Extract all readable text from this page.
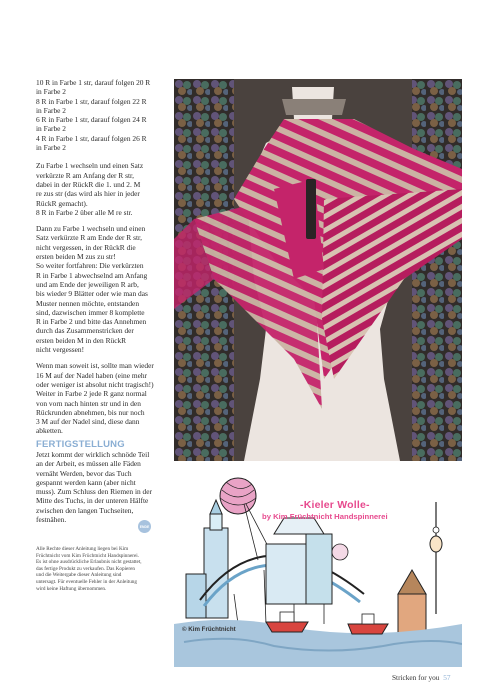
10 R in Farbe 1 str, darauf folgen 20 R
in Farbe 2
8 R in Farbe 1 str, darauf folgen 22 R
in Farbe 2
6 R in Farbe 1 str, darauf folgen 24 R
in Farbe 2
4 R in Farbe 1 str, darauf folgen 26 R
in Farbe 2

Zu Farbe 1 wechseln und einen Satz
verkürzte R am Anfang der R str,
dabei in der RückR die 1. und 2. M
re zus str (das wird als hier in jeder
RückR gemacht).
8 R in Farbe 2 über alle M re str.

Dann zu Farbe 1 wechseln und einen
Satz verkürzte R am Ende der R str,
nicht vergessen, in der RückR die
ersten beiden M zus zu str!
So weiter fortfahren: Die verkürzten
R in Farbe 1 abwechselnd am Anfang
und am Ende der jeweiligen R arb,
bis wieder 9 Blätter oder wie man das
Muster nennen möchte, entstanden
sind, dazwischen immer 8 komplette
R in Farbe 2 und bitte das Annehmen
durch das Zusammenstricken der
ersten beiden M in den RückR
nicht vergessen!

Wenn man soweit ist, sollte man wieder
16 M auf der Nadel haben (eine mehr
oder weniger ist absolut nicht tragisch!)
Weiter in Farbe 2 jede R ganz normal
von vorn nach hinten str und in den
Rückrunden abnehmen, bis nur noch
3 M auf der Nadel sind, diese dann
abketten.

FERTIGSTELLUNG

Jetzt kommt der wirklich schnöde Teil
an der Arbeit, es müssen alle Fäden
vernäht Werden, bevor das Tuch
gespannt werden kann (aber nicht
muss). Zum Schluss den Riemen in der
Mitte des Tuchs, in der unteren Hälfte
zwischen den langen Tuchseiten,
festnähen.

ENDE
Alle Rechte dieser Anleitung liegen bei Kim
Früchtnicht vom Kim Früchtnicht Handspinnerei.
Es ist ohne ausdrückliche Erlaubnis nicht gestattet,
das fertige Produkt zu verkaufen. Das Kopieren
und die Weitergabe dieser Anleitung sind
untersagt. Für eventuelle Fehler in der Anleitung
wird keine Haftung übernommen.
-Kieler Wolle-
by Kim Früchtnicht Handspinnerei
© Kim Früchtnicht
Stricken for you 57
